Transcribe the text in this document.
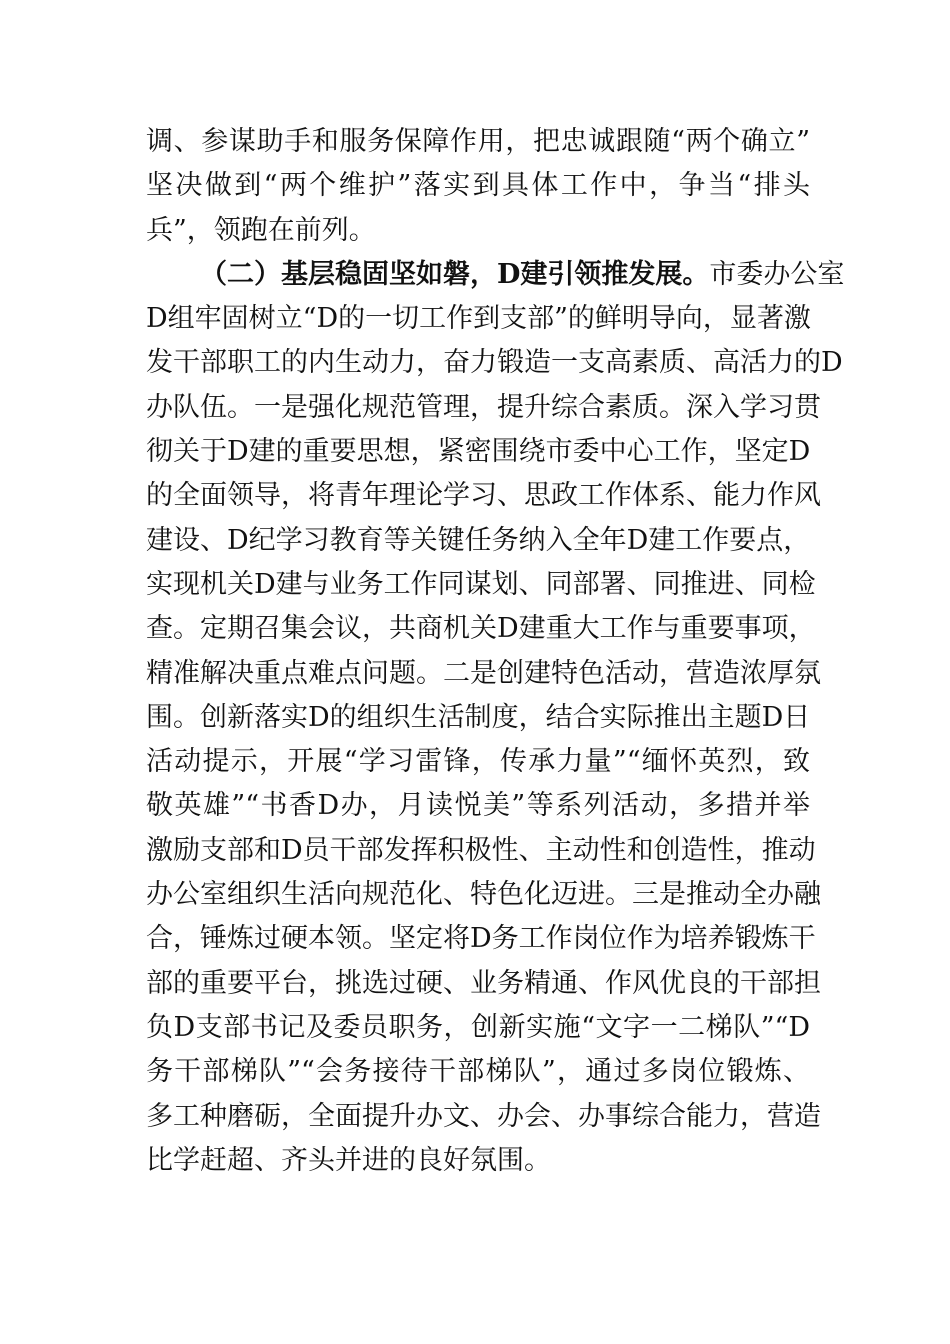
调、参谋助手和服务保障作用，把忠诚跟随“两个确立”
坚决做到“两个维护”落实到具体工作中，争当“排头
兵”，领跑在前列。
（二）基层稳固坚如磐，D建引领推发展。市委办公室
D组牢固树立“D的一切工作到支部”的鲜明导向，显著激
发干部职工的内生动力，奋力锻造一支高素质、高活力的D
办队伍。一是强化规范管理，提升综合素质。深入学习贯
彻关于D建的重要思想，紧密围绕市委中心工作，坚定D
的全面领导，将青年理论学习、思政工作体系、能力作风
建设、D纪学习教育等关键任务纳入全年D建工作要点，
实现机关D建与业务工作同谋划、同部署、同推进、同检
查。定期召集会议，共商机关D建重大工作与重要事项，
精准解决重点难点问题。二是创建特色活动，营造浓厚氛
围。创新落实D的组织生活制度，结合实际推出主题D日
活动提示，开展“学习雷锋，传承力量”“缅怀英烈，致
敬英雄”“书香D办，月读悦美”等系列活动，多措并举
激励支部和D员干部发挥积极性、主动性和创造性，推动
办公室组织生活向规范化、特色化迈进。三是推动全办融
合，锤炼过硬本领。坚定将D务工作岗位作为培养锻炼干
部的重要平台，挑选过硬、业务精通、作风优良的干部担
负D支部书记及委员职务，创新实施“文字一二梯队”“D
务干部梯队”“会务接待干部梯队”，通过多岗位锻炼、
多工种磨砺，全面提升办文、办会、办事综合能力，营造
比学赶超、齐头并进的良好氛围。
